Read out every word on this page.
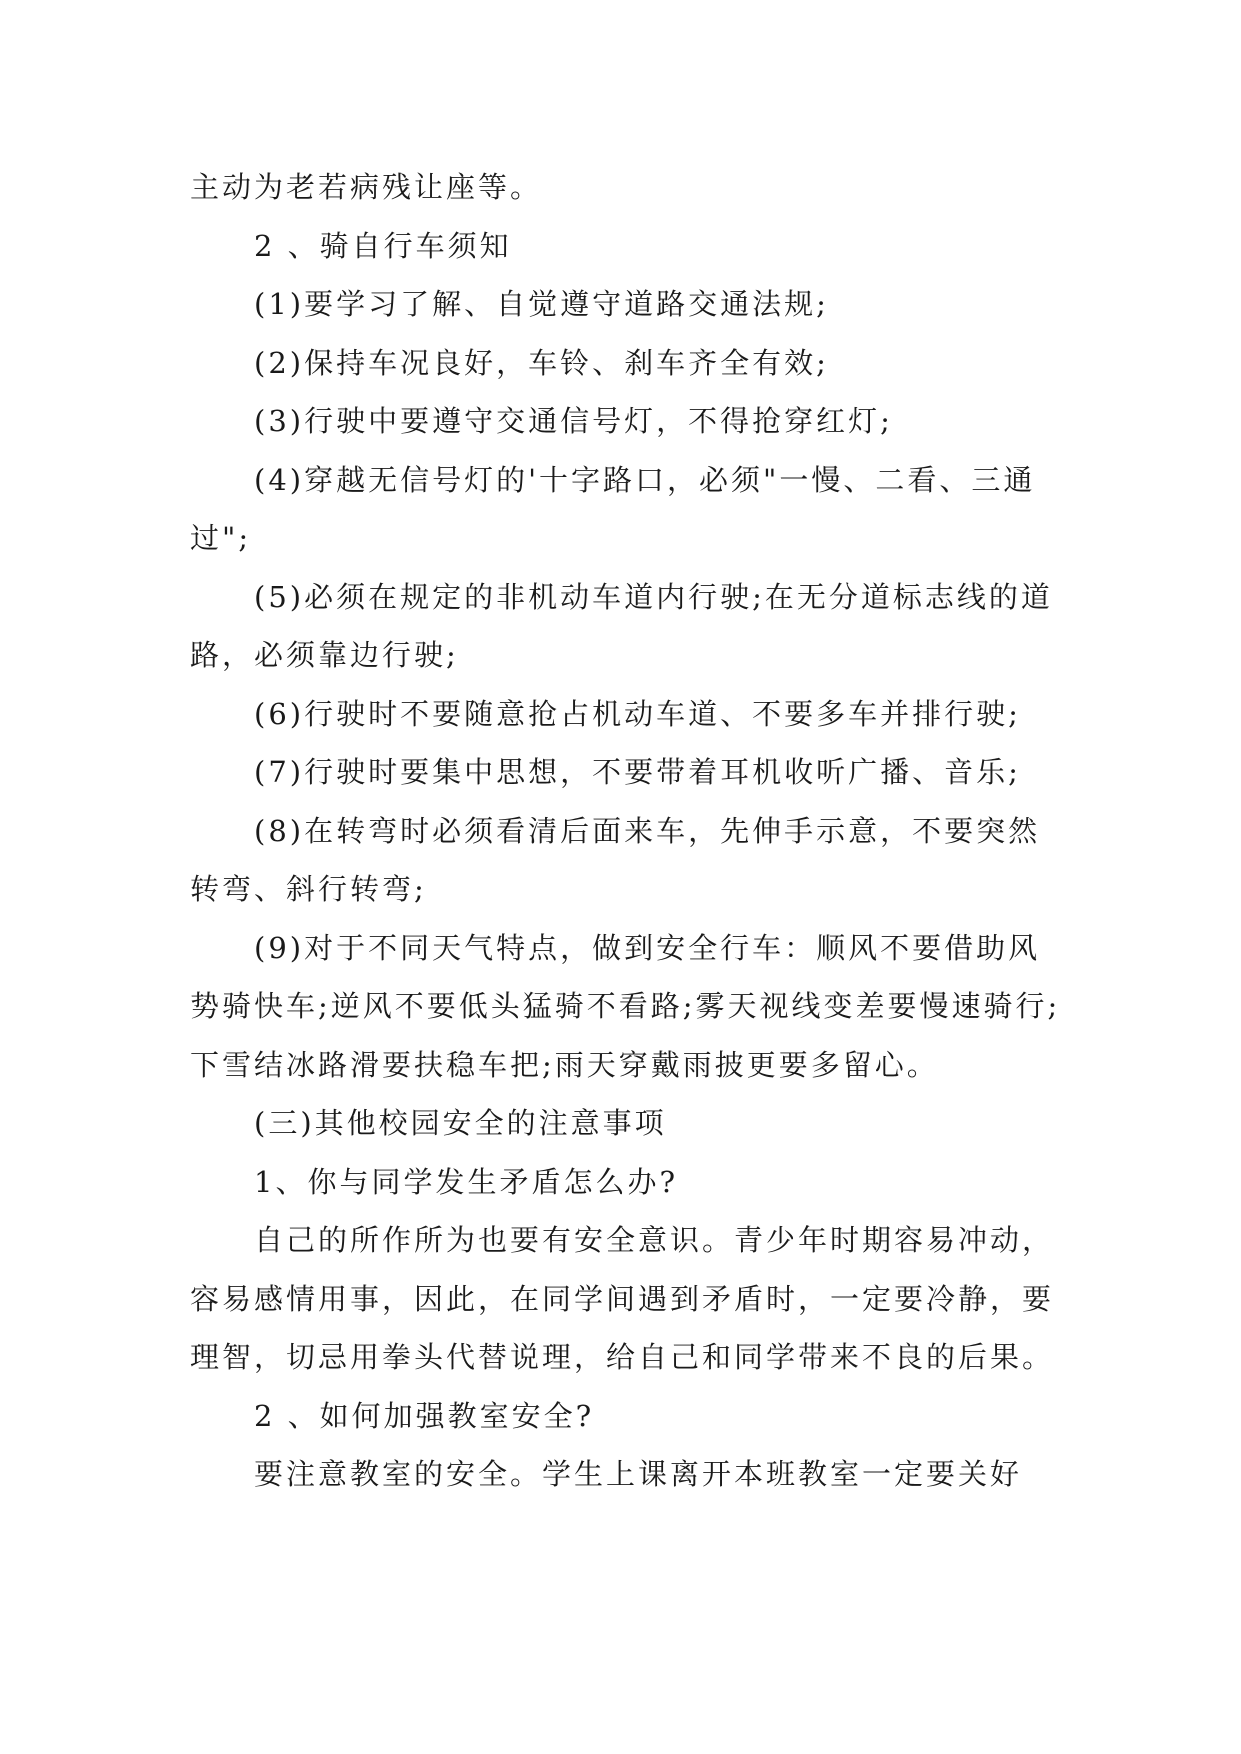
主动为老若病残让座等。

2 、骑自行车须知

(1)要学习了解、自觉遵守道路交通法规;

(2)保持车况良好，车铃、刹车齐全有效;

(3)行驶中要遵守交通信号灯，不得抢穿红灯;

(4)穿越无信号灯的'十字路口，必须"一慢、二看、三通过";

(5)必须在规定的非机动车道内行驶;在无分道标志线的道路，必须靠边行驶;

(6)行驶时不要随意抢占机动车道、不要多车并排行驶;

(7)行驶时要集中思想，不要带着耳机收听广播、音乐;

(8)在转弯时必须看清后面来车，先伸手示意，不要突然转弯、斜行转弯;

(9)对于不同天气特点，做到安全行车：顺风不要借助风势骑快车;逆风不要低头猛骑不看路;雾天视线变差要慢速骑行;下雪结冰路滑要扶稳车把;雨天穿戴雨披更要多留心。

(三)其他校园安全的注意事项

1、你与同学发生矛盾怎么办?

自己的所作所为也要有安全意识。青少年时期容易冲动，容易感情用事，因此，在同学间遇到矛盾时，一定要冷静，要理智，切忌用拳头代替说理，给自己和同学带来不良的后果。

2 、如何加强教室安全?

要注意教室的安全。学生上课离开本班教室一定要关好
